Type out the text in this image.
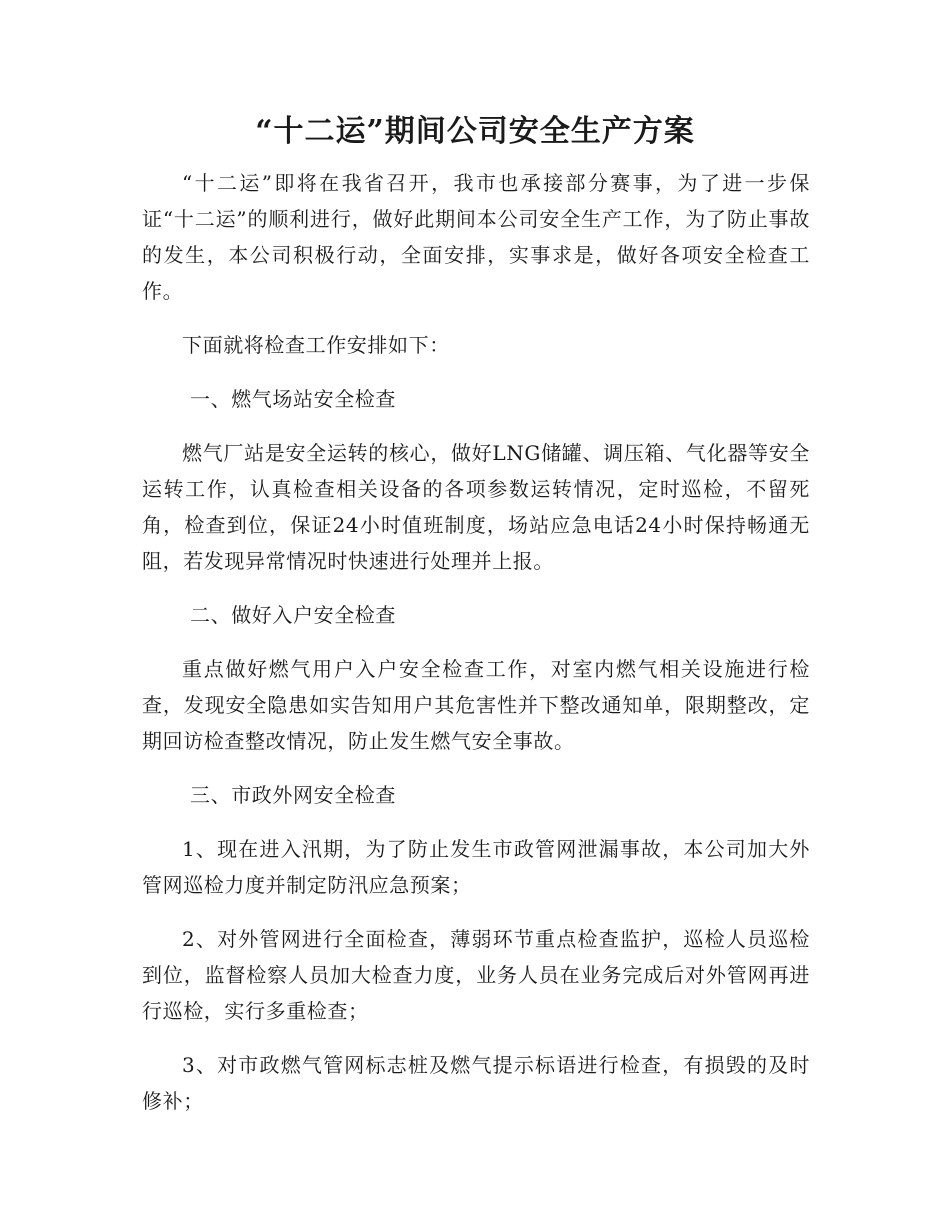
“十二运”期间公司安全生产方案

“十二运”即将在我省召开，我市也承接部分赛事，为了进一步保证“十二运”的顺利进行，做好此期间本公司安全生产工作，为了防止事故的发生，本公司积极行动，全面安排，实事求是，做好各项安全检查工作。

下面就将检查工作安排如下：

一、燃气场站安全检查

燃气厂站是安全运转的核心，做好LNG储罐、调压箱、气化器等安全运转工作，认真检查相关设备的各项参数运转情况，定时巡检，不留死角，检查到位，保证24小时值班制度，场站应急电话24小时保持畅通无阻，若发现异常情况时快速进行处理并上报。

二、做好入户安全检查

重点做好燃气用户入户安全检查工作，对室内燃气相关设施进行检查，发现安全隐患如实告知用户其危害性并下整改通知单，限期整改，定期回访检查整改情况，防止发生燃气安全事故。

三、市政外网安全检查

1、现在进入汛期，为了防止发生市政管网泄漏事故，本公司加大外管网巡检力度并制定防汛应急预案；

2、对外管网进行全面检查，薄弱环节重点检查监护，巡检人员巡检到位，监督检察人员加大检查力度，业务人员在业务完成后对外管网再进行巡检，实行多重检查；

3、对市政燃气管网标志桩及燃气提示标语进行检查，有损毁的及时修补；
